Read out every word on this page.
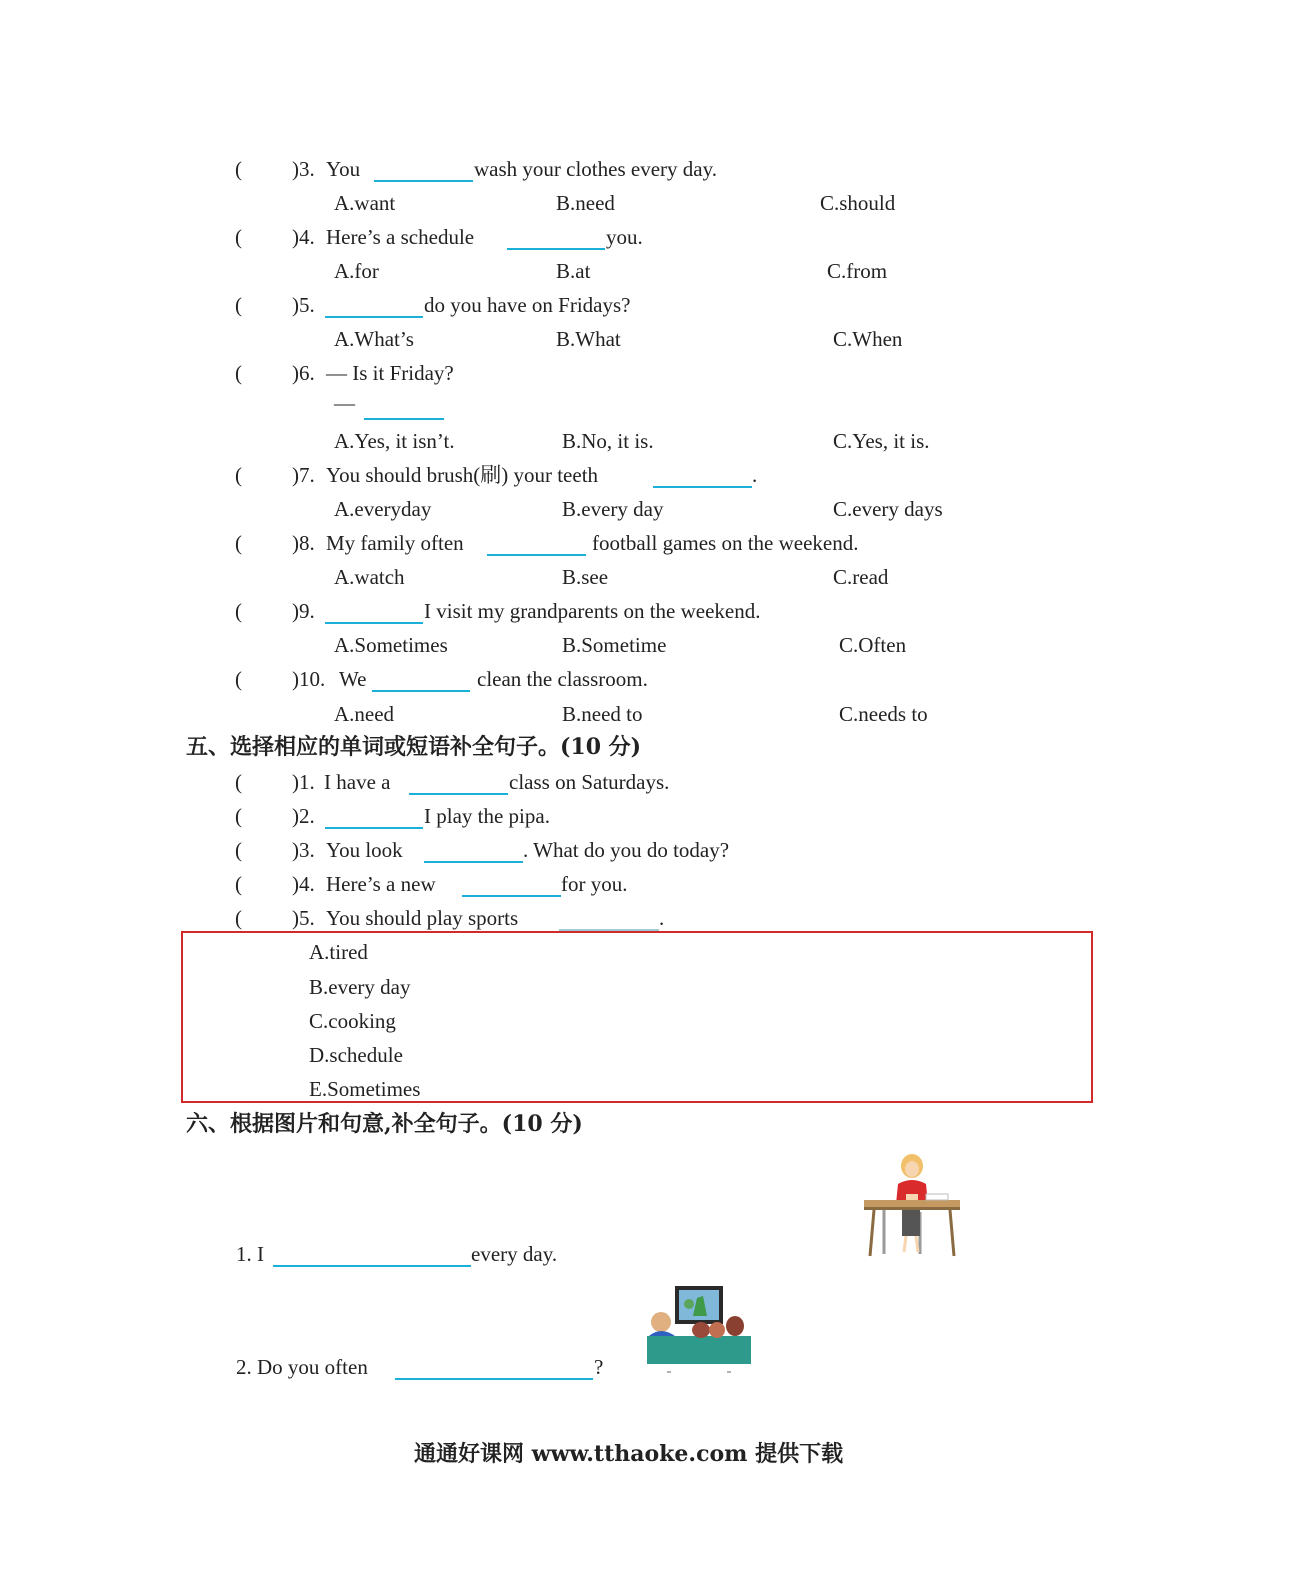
( )3. You	wash your clothes every day.
A.want	B.need	C.should
( )4. Here’s a schedule	you.
A.for	B.at	C.from
( )5.	do you have on Fridays?
A.What’s	B.What	C.When
( )6. — Is it Friday?
—
A.Yes, it isn’t.	B.No, it is.	C.Yes, it is.
( )7. You should brush(刷) your teeth	.
A.everyday	B.every day	C.every days
( )8. My family often	football games on the weekend.
A.watch	B.see	C.read
( )9.	I visit my grandparents on the weekend.
A.Sometimes	B.Sometime	C.Often
( )10. We	clean the classroom.
A.need	B.need to	C.needs to
五、选择相应的单词或短语补全句子。(10 分)
( )1. I have a	class on Saturdays.
( )2.	I play the pipa.
( )3. You look	. What do you do today?
( )4. Here’s a new	for you.
( )5. You should play sports	.
A.tired
B.every day
C.cooking
D.schedule
E.Sometimes
六、根据图片和句意,补全句子。(10 分)
1. I	every day.
2. Do you often	?
通通好课网 www.tthaoke.com 提供下载
